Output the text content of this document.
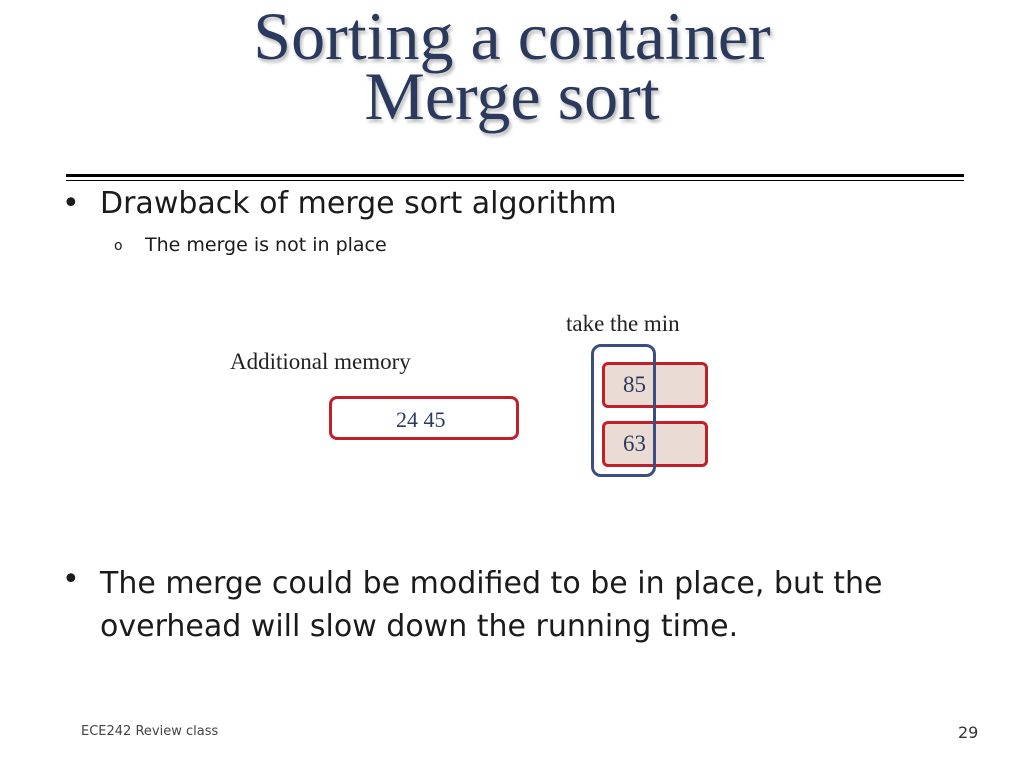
Sorting a container
Merge sort
• Drawback of merge sort algorithm
o The merge is not in place
take the min
Additional memory
24 45
85
63
• The merge could be modified to be in place, but the overhead will slow down the running time.
ECE242 Review class	29
